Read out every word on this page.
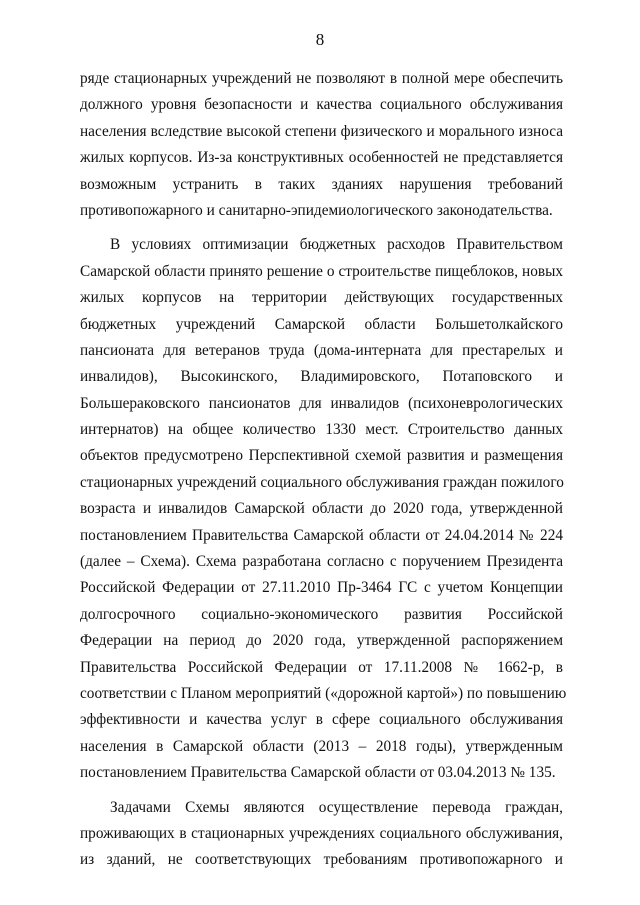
8
ряде стационарных учреждений не позволяют в полной мере обеспечить
должного уровня безопасности и качества социального обслуживания
населения вследствие высокой степени физического и морального износа
жилых корпусов. Из-за конструктивных особенностей не представляется
возможным устранить в таких зданиях нарушения требований
противопожарного и санитарно-эпидемиологического законодательства.
В условиях оптимизации бюджетных расходов Правительством
Самарской области принято решение о строительстве пищеблоков, новых
жилых корпусов на территории действующих государственных
бюджетных учреждений Самарской области Большетолкайского
пансионата для ветеранов труда (дома-интерната для престарелых и
инвалидов), Высокинского, Владимировского, Потаповского и
Большераковского пансионатов для инвалидов (психоневрологических
интернатов) на общее количество 1330 мест. Строительство данных
объектов предусмотрено Перспективной схемой развития и размещения
стационарных учреждений социального обслуживания граждан пожилого
возраста и инвалидов Самарской области до 2020 года, утвержденной
постановлением Правительства Самарской области от 24.04.2014 № 224
(далее – Схема). Схема разработана согласно с поручением Президента
Российской Федерации от 27.11.2010 Пр-3464 ГС с учетом Концепции
долгосрочного социально-экономического развития Российской
Федерации на период до 2020 года, утвержденной распоряжением
Правительства Российской Федерации от 17.11.2008 № 1662-р, в
соответствии с Планом мероприятий («дорожной картой») по повышению
эффективности и качества услуг в сфере социального обслуживания
населения в Самарской области (2013 – 2018 годы), утвержденным
постановлением Правительства Самарской области от 03.04.2013 № 135.
Задачами Схемы являются осуществление перевода граждан,
проживающих в стационарных учреждениях социального обслуживания,
из зданий, не соответствующих требованиям противопожарного и
